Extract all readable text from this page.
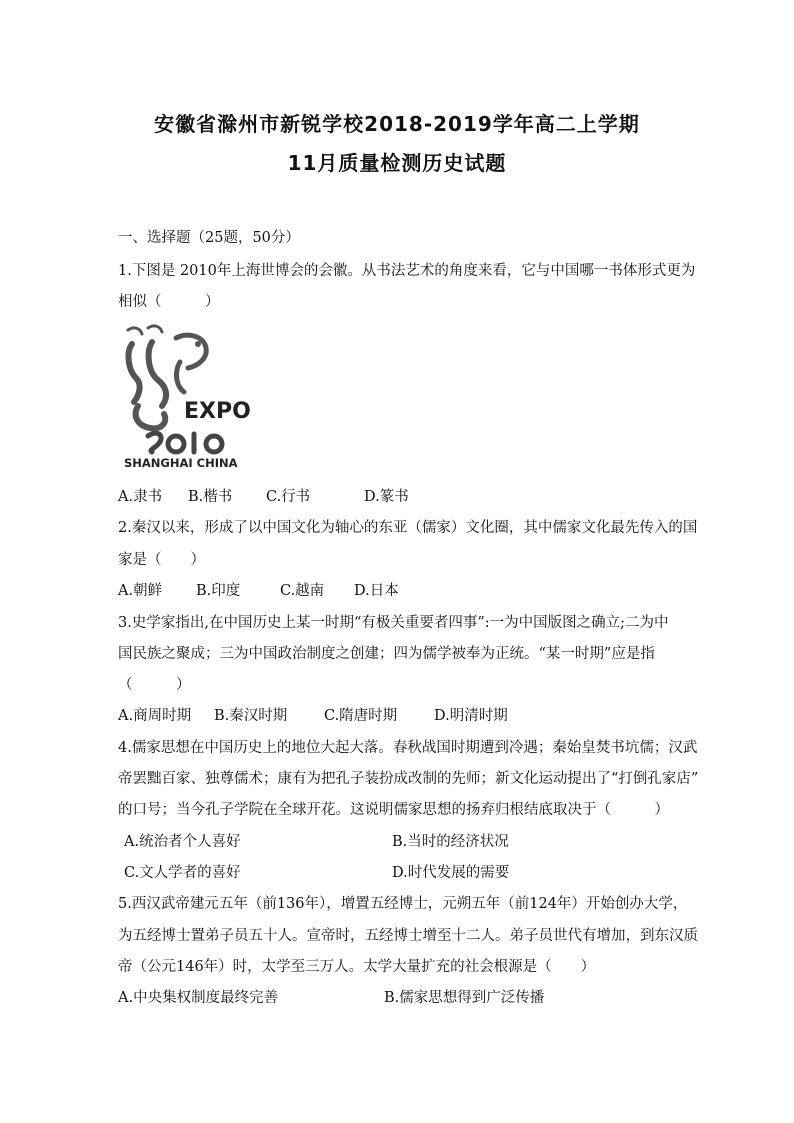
安徽省滁州市新锐学校2018-2019学年高二上学期
11月质量检测历史试题
一、选择题（25题，50分）
1.下图是 2010年上海世博会的会徽。从书法艺术的角度来看，它与中国哪一书体形式更为
相似（　　　）
EXPO
SHANGHAI CHINA
A.隶书 B.楷书 C.行书	D.篆书
2.秦汉以来，形成了以中国文化为轴心的东亚（儒家）文化圈，其中儒家文化最先传入的国
家是（　　）
A.朝鲜 B.印度	C.越南 D.日本
3.史学家指出,在中国历史上某一时期“有极关重要者四事”:一为中国版图之确立;二为中
国民族之聚成；三为中国政治制度之创建；四为儒学被奉为正统。“某一时期”应是指
（　　　）
A.商周时期 B.秦汉时期	C.隋唐时期	D.明清时期
4.儒家思想在中国历史上的地位大起大落。春秋战国时期遭到冷遇；秦始皇焚书坑儒；汉武
帝罢黜百家、独尊儒术；康有为把孔子装扮成改制的先师；新文化运动提出了“打倒孔家店”
的口号；当今孔子学院在全球开花。这说明儒家思想的扬弃归根结底取决于（　　　）
A.统治者个人喜好	B.当时的经济状况
C.文人学者的喜好	D.时代发展的需要
5.西汉武帝建元五年（前136年），增置五经博士，元朔五年（前124年）开始创办大学，
为五经博士置弟子员五十人。宣帝时，五经博士增至十二人。弟子员世代有增加，到东汉质
帝（公元146年）时，太学至三万人。太学大量扩充的社会根源是（　　）
A.中央集权制度最终完善	B.儒家思想得到广泛传播
